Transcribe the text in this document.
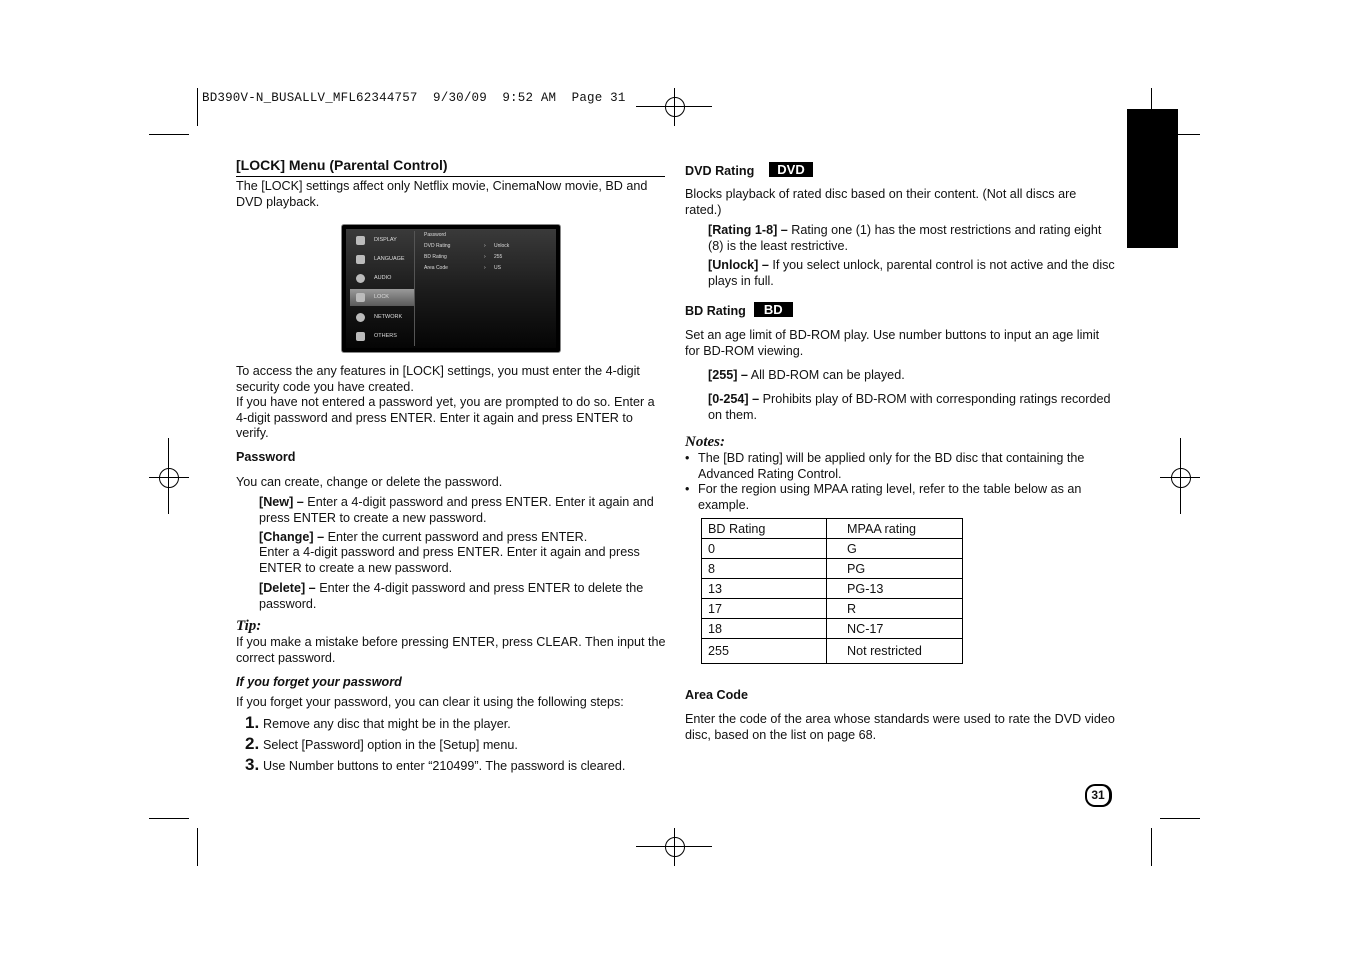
BD390V-N_BUSALLV_MFL62344757  9/30/09  9:52 AM  Page 31
[LOCK] Menu (Parental Control)
The [LOCK] settings affect only Netflix movie, CinemaNow movie, BD and DVD playback.
DISPLAY
LANGUAGE
AUDIO
LOCK
NETWORK
OTHERS
Password
DVD Rating	› Unlock
BD Rating	› 255
Area Code	› US
To access the any features in [LOCK] settings, you must enter the 4-digit security code you have created.
If you have not entered a password yet, you are prompted to do so. Enter a 4-digit password and press ENTER. Enter it again and press ENTER to verify.
Password
You can create, change or delete the password.
[New] – Enter a 4-digit password and press ENTER. Enter it again and press ENTER to create a new password.
[Change] – Enter the current password and press ENTER.
Enter a 4-digit password and press ENTER. Enter it again and press ENTER to create a new password.
[Delete] – Enter the 4-digit password and press ENTER to delete the password.
Tip:
If you make a mistake before pressing ENTER, press CLEAR. Then input the correct password.
If you forget your password
If you forget your password, you can clear it using the following steps:
1. Remove any disc that might be in the player.
2. Select [Password] option in the [Setup] menu.
3. Use Number buttons to enter “210499”. The password is cleared.
DVD Rating DVD
Blocks playback of rated disc based on their content. (Not all discs are rated.)
[Rating 1-8] – Rating one (1) has the most restrictions and rating eight (8) is the least restrictive.
[Unlock] – If you select unlock, parental control is not active and the disc plays in full.
BD Rating BD
Set an age limit of BD-ROM play. Use number buttons to input an age limit for BD-ROM viewing.
[255] – All BD-ROM can be played.
[0-254] – Prohibits play of BD-ROM with corresponding ratings recorded on them.
Notes:
• The [BD rating] will be applied only for the BD disc that containing the Advanced Rating Control.
• For the region using MPAA rating level, refer to the table below as an example.
BD Rating	MPAA rating
0	G
8	PG
13	PG-13
17	R
18	NC-17
255	Not restricted
Area Code
Enter the code of the area whose standards were used to rate the DVD video disc, based on the list on page 68.
31
